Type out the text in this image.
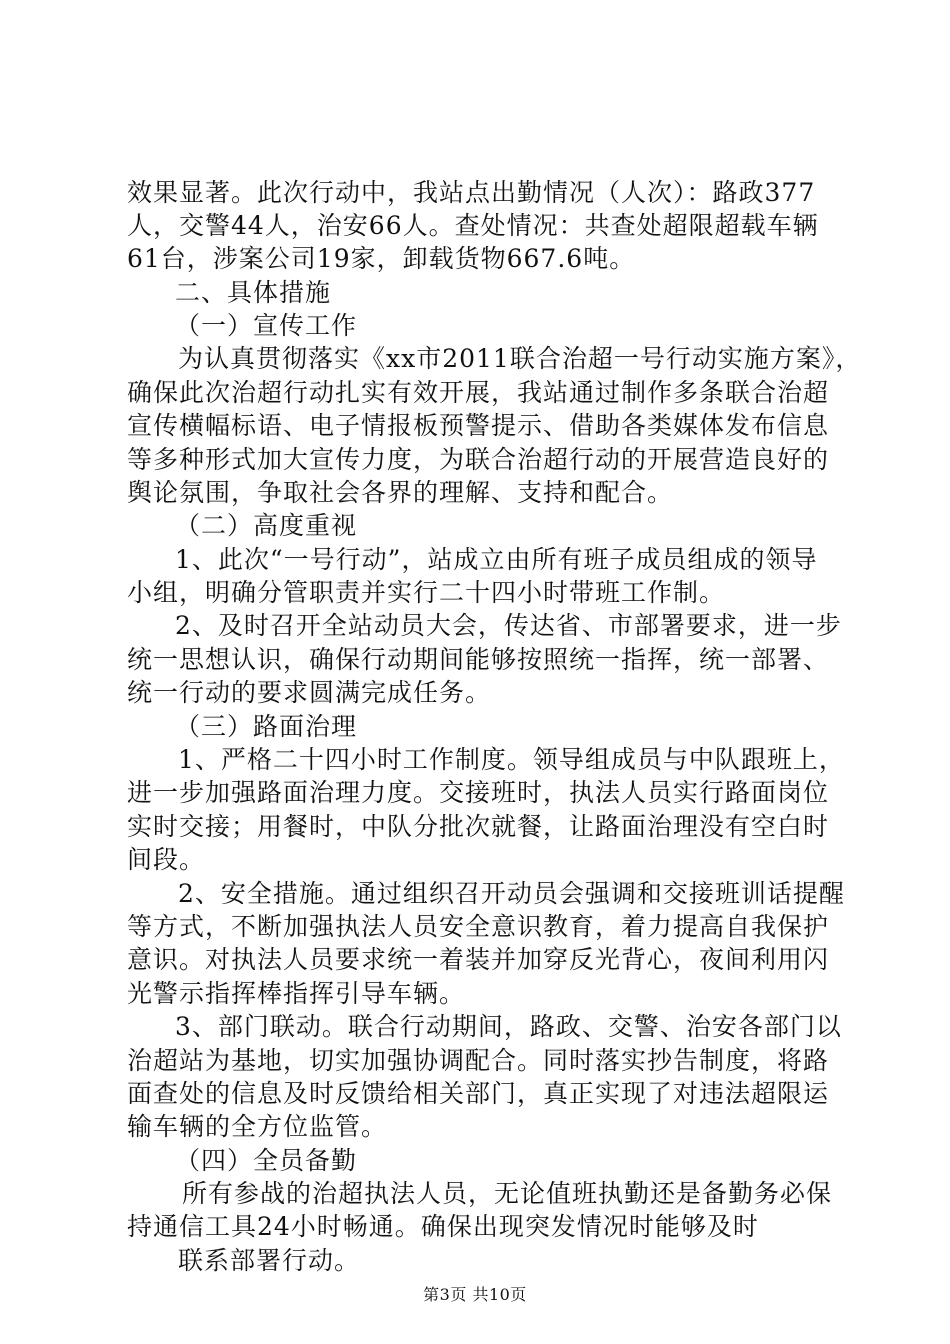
效果显著。此次行动中，我站点出勤情况（人次）：路政377
人，交警44人，治安66人。查处情况：共查处超限超载车辆
61台，涉案公司19家，卸载货物667.6吨。
二、具体措施
（一）宣传工作
为认真贯彻落实《xx市2011联合治超一号行动实施方案》，
确保此次治超行动扎实有效开展，我站通过制作多条联合治超
宣传横幅标语、电子情报板预警提示、借助各类媒体发布信息
等多种形式加大宣传力度，为联合治超行动的开展营造良好的
舆论氛围，争取社会各界的理解、支持和配合。
（二）高度重视
1、此次“一号行动”，站成立由所有班子成员组成的领导
小组，明确分管职责并实行二十四小时带班工作制。
2、及时召开全站动员大会，传达省、市部署要求，进一步
统一思想认识，确保行动期间能够按照统一指挥，统一部署、
统一行动的要求圆满完成任务。
（三）路面治理
1、严格二十四小时工作制度。领导组成员与中队跟班上，
进一步加强路面治理力度。交接班时，执法人员实行路面岗位
实时交接；用餐时，中队分批次就餐，让路面治理没有空白时
间段。
2、安全措施。通过组织召开动员会强调和交接班训话提醒
等方式，不断加强执法人员安全意识教育，着力提高自我保护
意识。对执法人员要求统一着装并加穿反光背心，夜间利用闪
光警示指挥棒指挥引导车辆。
3、部门联动。联合行动期间，路政、交警、治安各部门以
治超站为基地，切实加强协调配合。同时落实抄告制度，将路
面查处的信息及时反馈给相关部门，真正实现了对违法超限运
输车辆的全方位监管。
（四）全员备勤
所有参战的治超执法人员，无论值班执勤还是备勤务必保
持通信工具24小时畅通。确保出现突发情况时能够及时
联系部署行动。
第3页 共10页
